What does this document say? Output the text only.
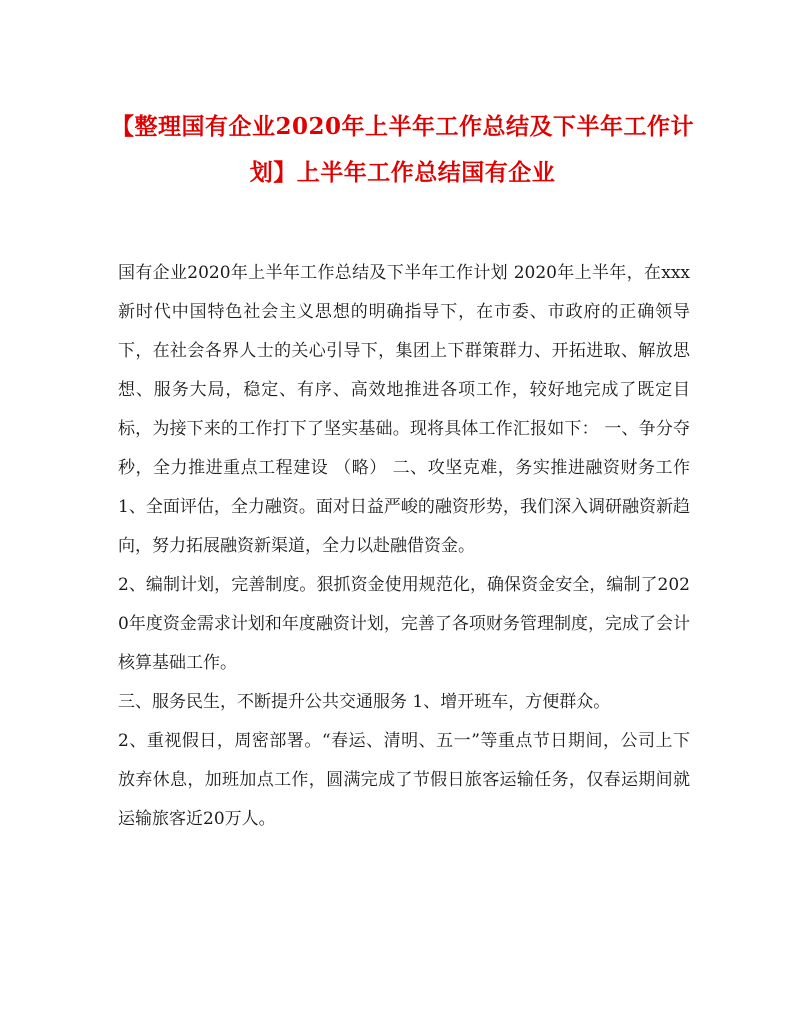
【整理国有企业2020年上半年工作总结及下半年工作计划】上半年工作总结国有企业

国有企业2020年上半年工作总结及下半年工作计划 2020年上半年，在xxx新时代中国特色社会主义思想的明确指导下，在市委、市政府的正确领导下，在社会各界人士的关心引导下，集团上下群策群力、开拓进取、解放思想、服务大局，稳定、有序、高效地推进各项工作，较好地完成了既定目标，为接下来的工作打下了坚实基础。现将具体工作汇报如下： 一、争分夺秒，全力推进重点工程建设 （略） 二、攻坚克难，务实推进融资财务工作 1、全面评估，全力融资。面对日益严峻的融资形势，我们深入调研融资新趋向，努力拓展融资新渠道，全力以赴融借资金。

2、编制计划，完善制度。狠抓资金使用规范化，确保资金安全，编制了2020年度资金需求计划和年度融资计划，完善了各项财务管理制度，完成了会计核算基础工作。

三、服务民生，不断提升公共交通服务 1、增开班车，方便群众。

2、重视假日，周密部署。“春运、清明、五一”等重点节日期间，公司上下放弃休息，加班加点工作，圆满完成了节假日旅客运输任务，仅春运期间就运输旅客近20万人。
